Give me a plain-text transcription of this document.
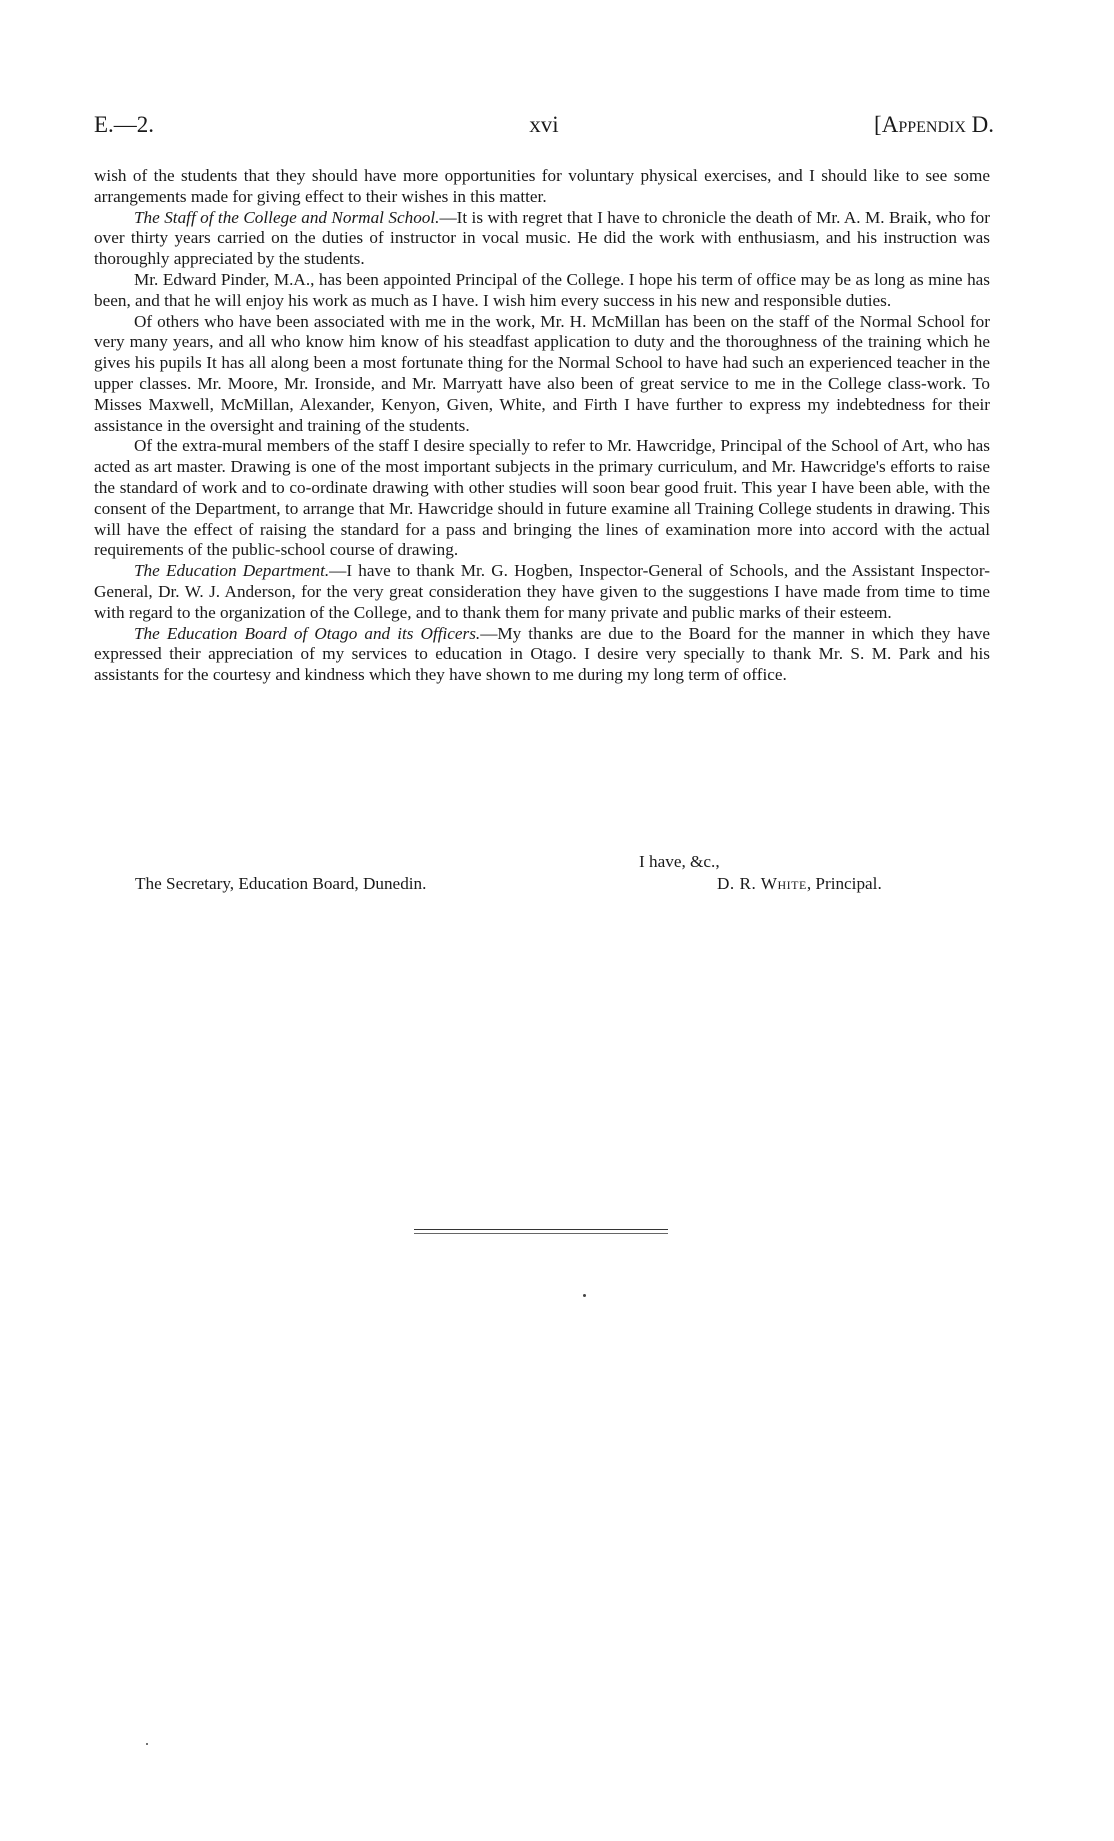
E.—2.	xvi	[Appendix D.

wish of the students that they should have more opportunities for voluntary physical exercises, and I should like to see some arrangements made for giving effect to their wishes in this matter.

The Staff of the College and Normal School.—It is with regret that I have to chronicle the death of Mr. A. M. Braik, who for over thirty years carried on the duties of instructor in vocal music. He did the work with enthusiasm, and his instruction was thoroughly appreciated by the students.

Mr. Edward Pinder, M.A., has been appointed Principal of the College. I hope his term of office may be as long as mine has been, and that he will enjoy his work as much as I have. I wish him every success in his new and responsible duties.

Of others who have been associated with me in the work, Mr. H. McMillan has been on the staff of the Normal School for very many years, and all who know him know of his steadfast application to duty and the thoroughness of the training which he gives his pupils It has all along been a most fortunate thing for the Normal School to have had such an experienced teacher in the upper classes. Mr. Moore, Mr. Ironside, and Mr. Marryatt have also been of great service to me in the College class-work. To Misses Maxwell, McMillan, Alexander, Kenyon, Given, White, and Firth I have further to express my indebtedness for their assistance in the oversight and training of the students.

Of the extra-mural members of the staff I desire specially to refer to Mr. Hawcridge, Principal of the School of Art, who has acted as art master. Drawing is one of the most important subjects in the primary curriculum, and Mr. Hawcridge's efforts to raise the standard of work and to co-ordinate drawing with other studies will soon bear good fruit. This year I have been able, with the consent of the Department, to arrange that Mr. Hawcridge should in future examine all Training College students in drawing. This will have the effect of raising the standard for a pass and bringing the lines of examination more into accord with the actual requirements of the public-school course of drawing.

The Education Department.—I have to thank Mr. G. Hogben, Inspector-General of Schools, and the Assistant Inspector-General, Dr. W. J. Anderson, for the very great consideration they have given to the suggestions I have made from time to time with regard to the organization of the College, and to thank them for many private and public marks of their esteem.

The Education Board of Otago and its Officers.—My thanks are due to the Board for the manner in which they have expressed their appreciation of my services to education in Otago. I desire very specially to thank Mr. S. M. Park and his assistants for the courtesy and kindness which they have shown to me during my long term of office.

I have, &c.,
The Secretary, Education Board, Dunedin.	D. R. White, Principal.
